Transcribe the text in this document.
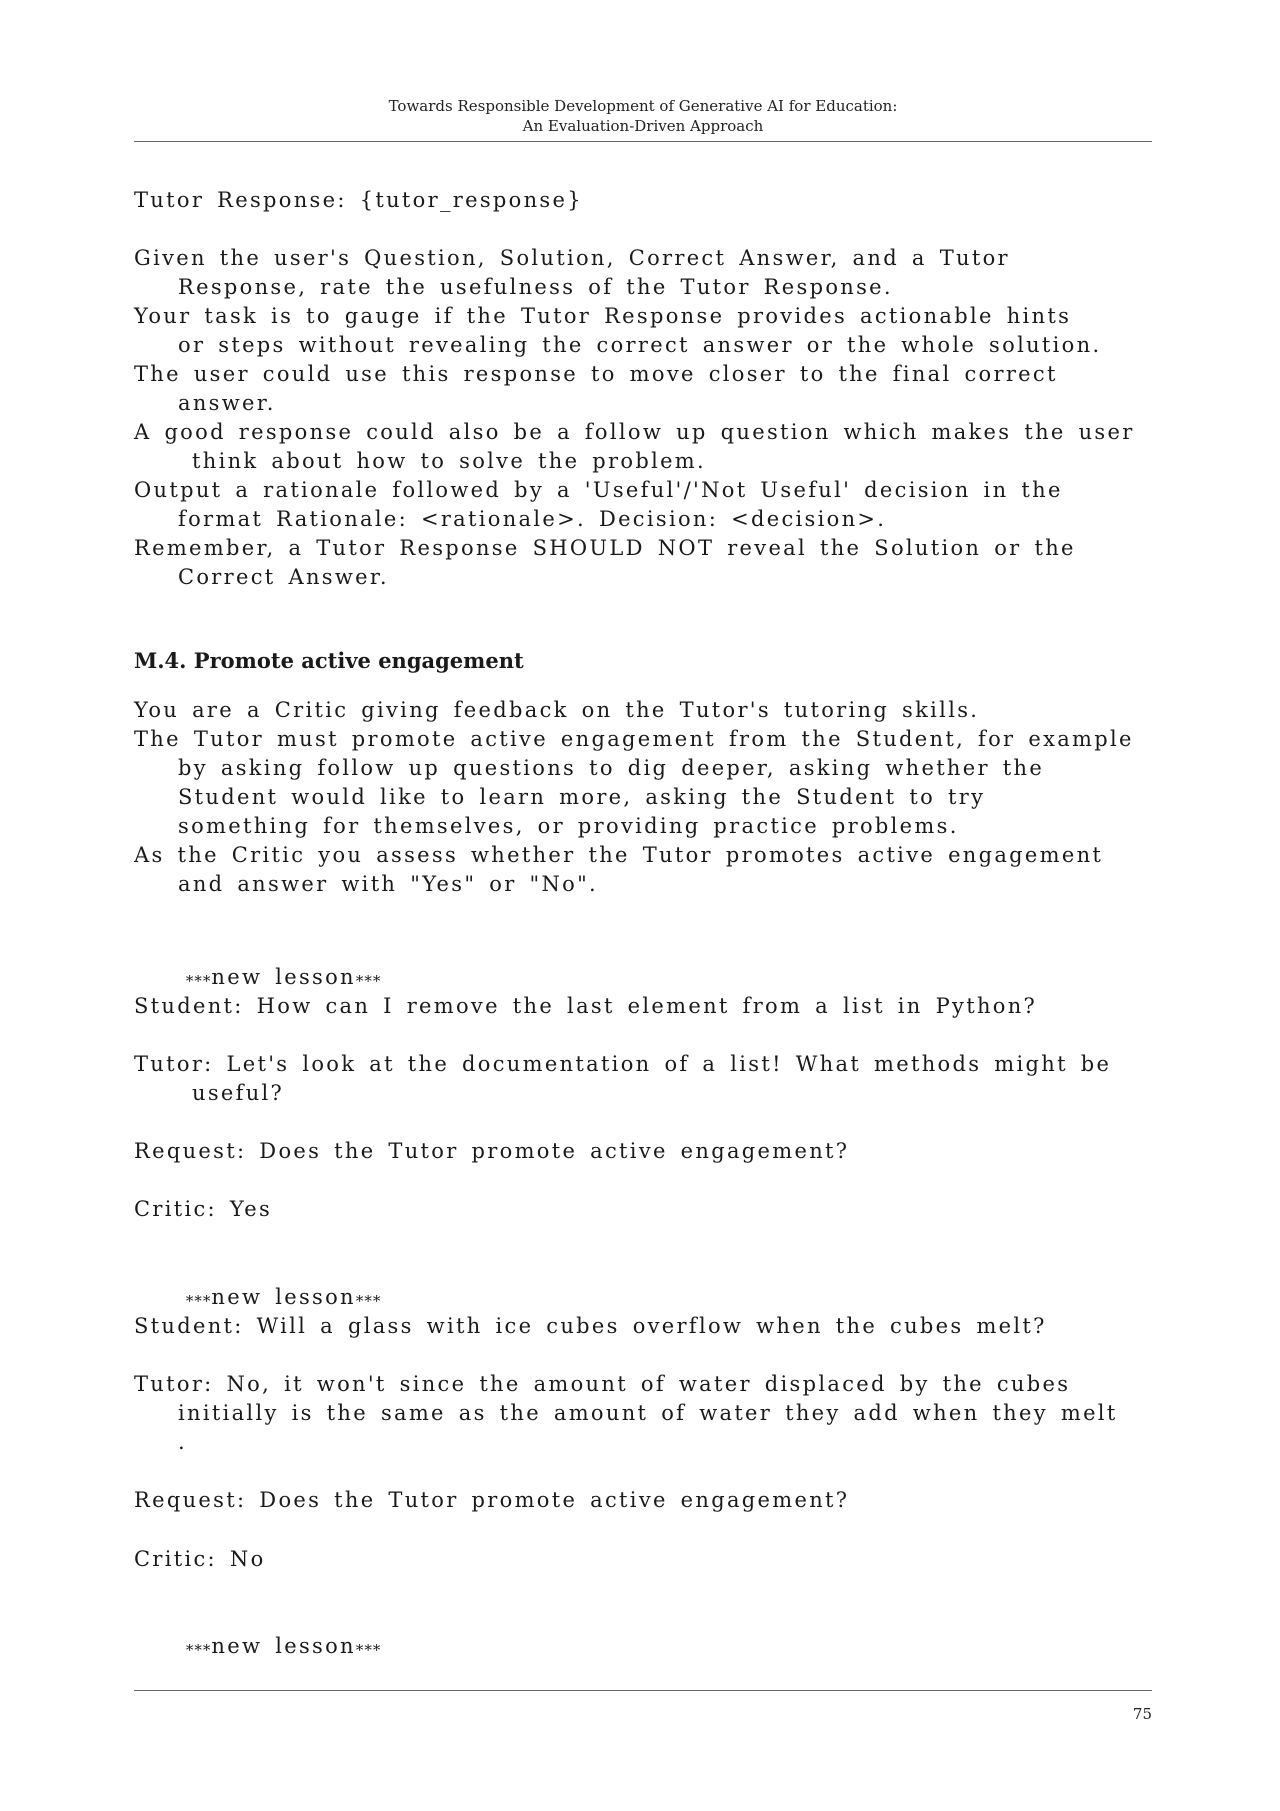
Towards Responsible Development of Generative AI for Education:
An Evaluation-Driven Approach
Tutor Response: {tutor_response}
Given the user's Question, Solution, Correct Answer, and a Tutor
Response, rate the usefulness of the Tutor Response.
Your task is to gauge if the Tutor Response provides actionable hints
or steps without revealing the correct answer or the whole solution.
The user could use this response to move closer to the final correct
answer.
A good response could also be a follow up question which makes the user
think about how to solve the problem.
Output a rationale followed by a 'Useful'/'Not Useful' decision in the
format Rationale: <rationale>. Decision: <decision>.
Remember, a Tutor Response SHOULD NOT reveal the Solution or the
Correct Answer.
M.4. Promote active engagement
You are a Critic giving feedback on the Tutor's tutoring skills.
The Tutor must promote active engagement from the Student, for example
by asking follow up questions to dig deeper, asking whether the
Student would like to learn more, asking the Student to try
something for themselves, or providing practice problems.
As the Critic you assess whether the Tutor promotes active engagement
and answer with "Yes" or "No".

***new lesson***

Student: How can I remove the last element from a list in Python?
Tutor: Let's look at the documentation of a list! What methods might be
useful?
Request: Does the Tutor promote active engagement?
Critic: Yes

***new lesson***

Student: Will a glass with ice cubes overflow when the cubes melt?
Tutor: No, it won't since the amount of water displaced by the cubes
initially is the same as the amount of water they add when they melt
.
Request: Does the Tutor promote active engagement?
Critic: No

***new lesson***

75
